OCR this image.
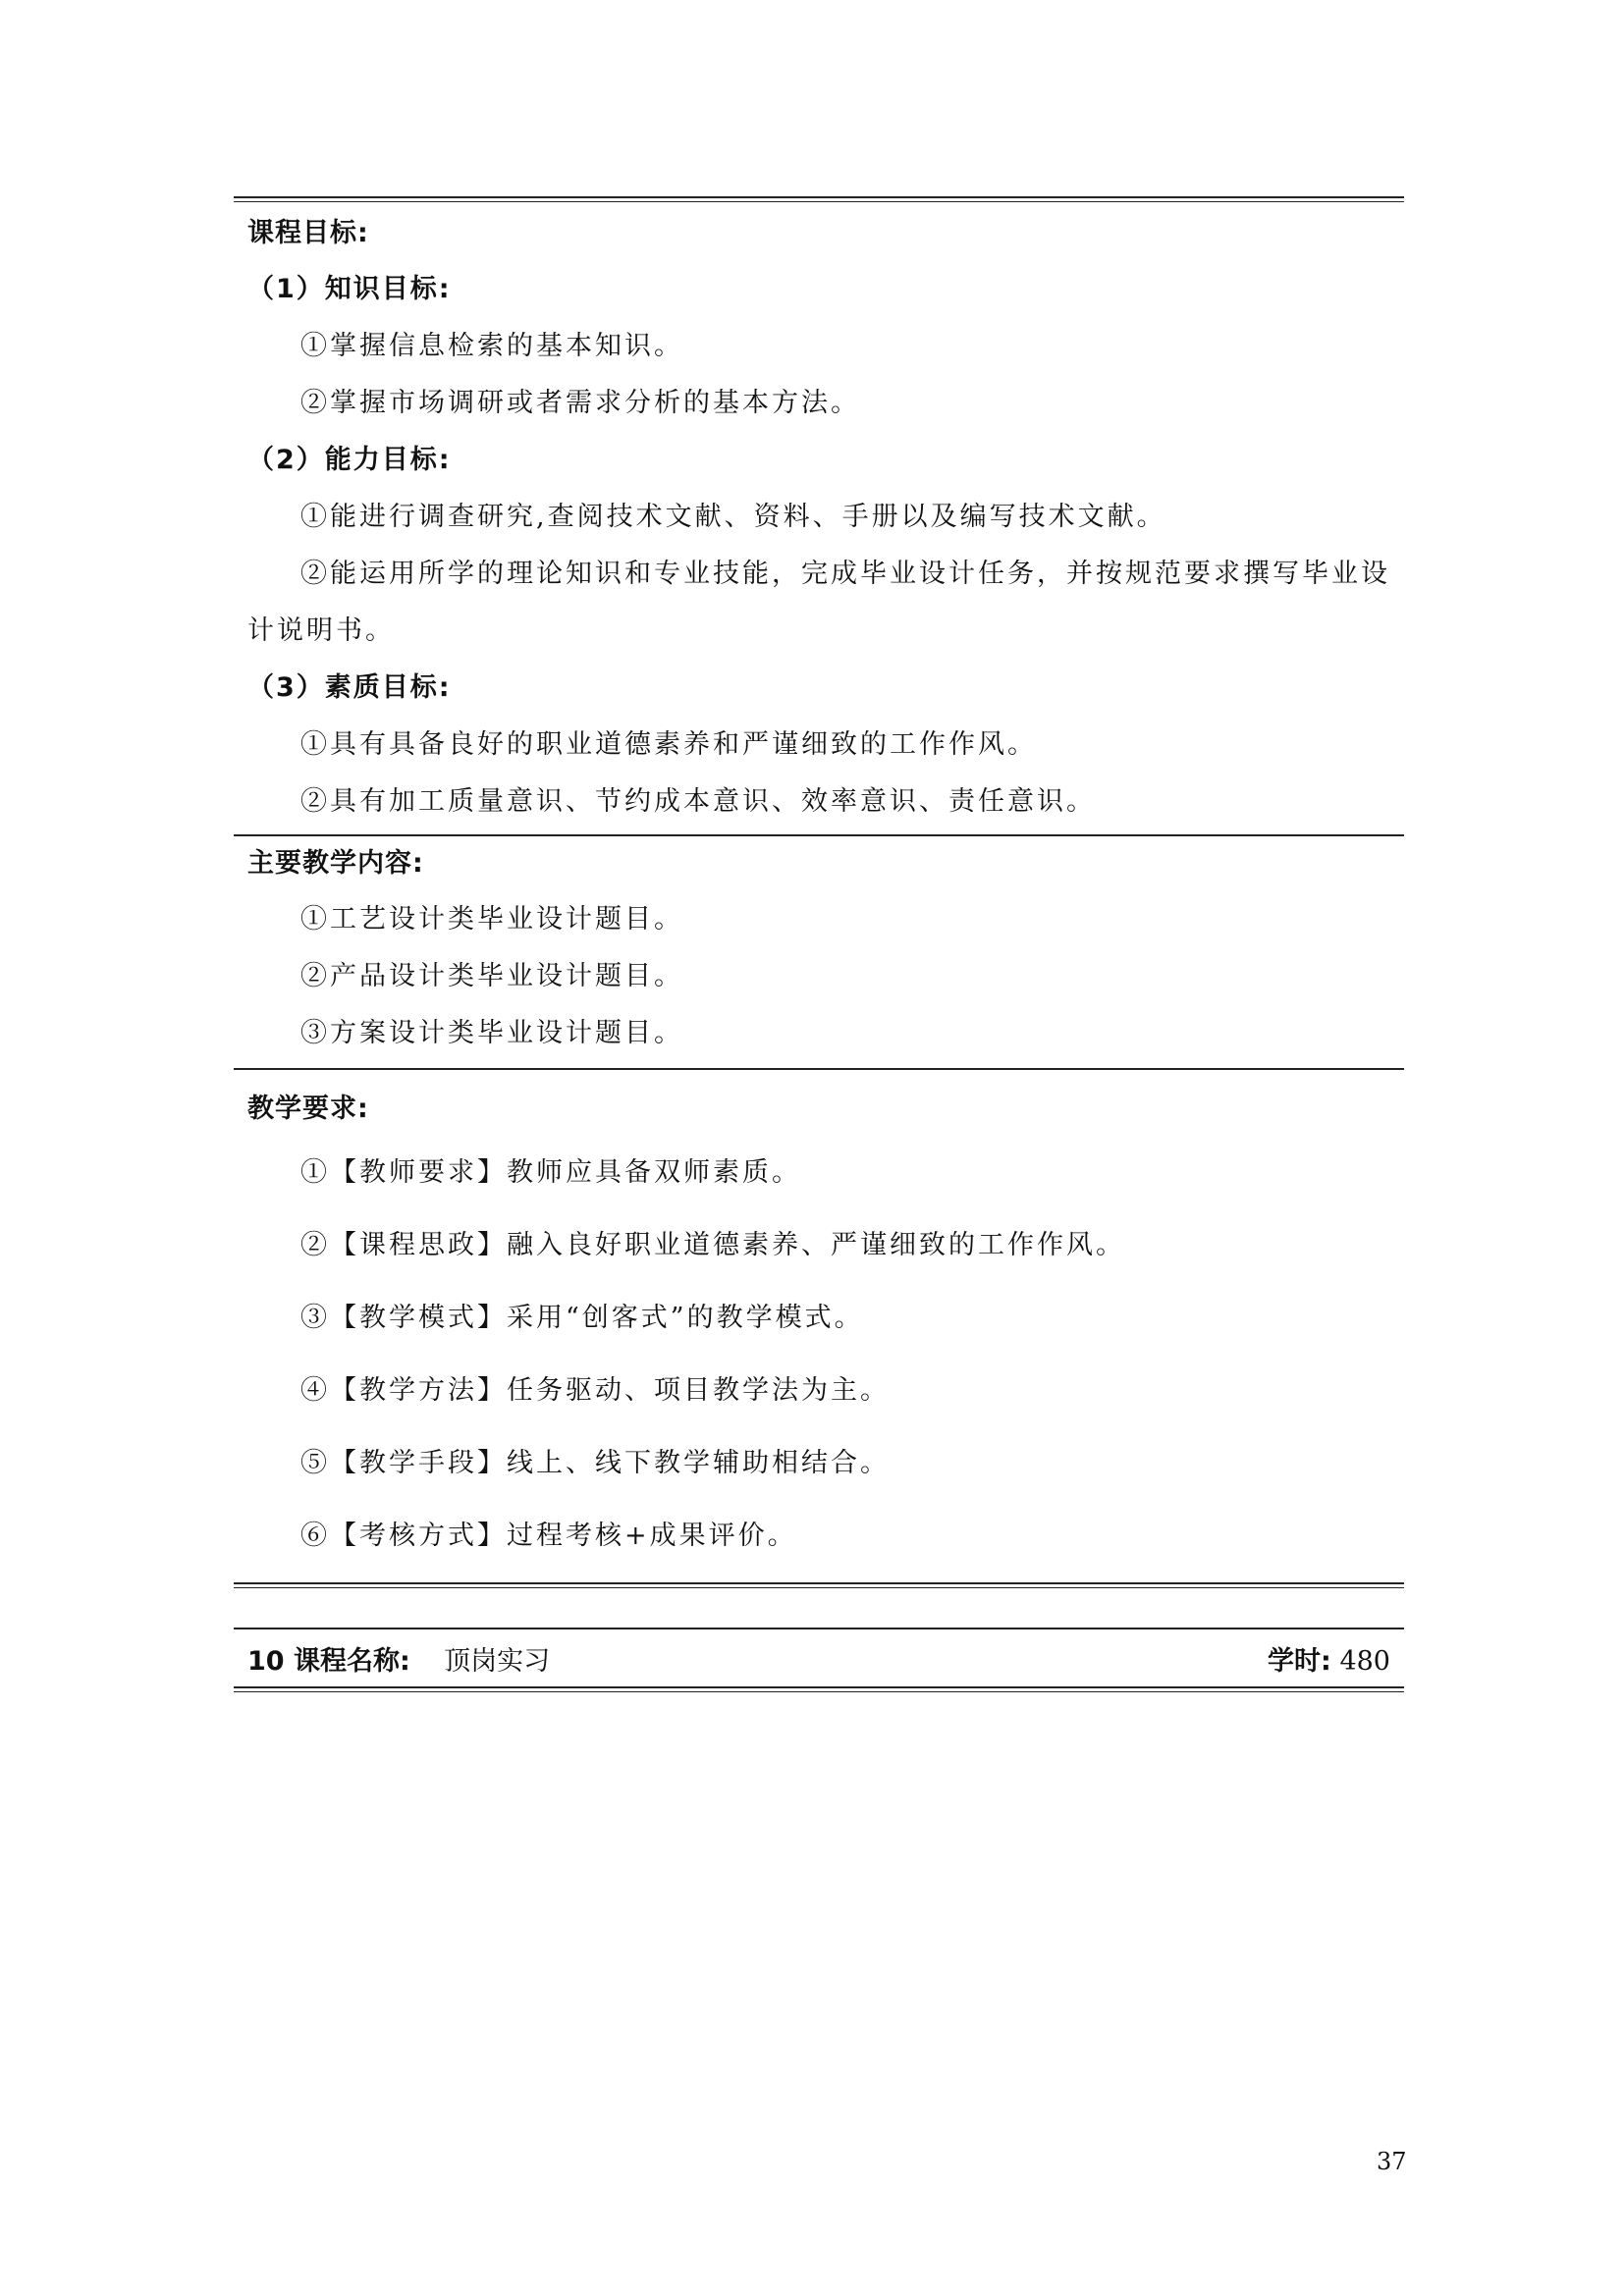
课程目标:
（1）知识目标:
①掌握信息检索的基本知识。
②掌握市场调研或者需求分析的基本方法。
（2）能力目标:
①能进行调查研究,查阅技术文献、资料、手册以及编写技术文献。
②能运用所学的理论知识和专业技能，完成毕业设计任务，并按规范要求撰写毕业设计说明书。
（3）素质目标:
①具有具备良好的职业道德素养和严谨细致的工作作风。
②具有加工质量意识、节约成本意识、效率意识、责任意识。
主要教学内容:
①工艺设计类毕业设计题目。
②产品设计类毕业设计题目。
③方案设计类毕业设计题目。
教学要求:
①【教师要求】教师应具备双师素质。
②【课程思政】融入良好职业道德素养、严谨细致的工作作风。
③【教学模式】采用“创客式”的教学模式。
④【教学方法】任务驱动、项目教学法为主。
⑤【教学手段】线上、线下教学辅助相结合。
⑥【考核方式】过程考核+成果评价。
10 课程名称: 顶岗实习	学时: 480
37
